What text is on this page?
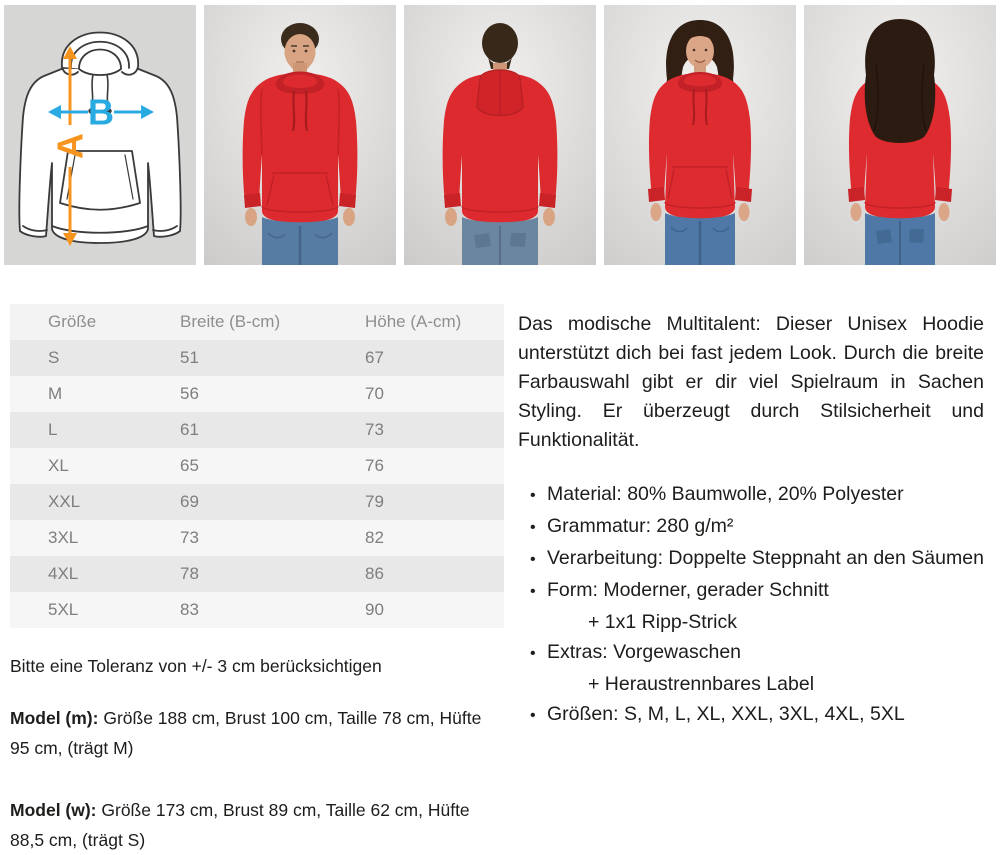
A
B
Größe	Breite (B-cm)	Höhe (A-cm)
S	51	67
M	56	70
L	61	73
XL	65	76
XXL	69	79
3XL	73	82
4XL	78	86
5XL	83	90

Bitte eine Toleranz von +/- 3 cm berücksichtigen

Model (m): Größe 188 cm, Brust 100 cm, Taille 78 cm, Hüfte 95 cm, (trägt M)

Model (w): Größe 173 cm, Brust 89 cm, Taille 62 cm, Hüfte 88,5 cm, (trägt S)

Das modische Multitalent: Dieser Unisex Hoodie unterstützt dich bei fast jedem Look. Durch die breite Farbauswahl gibt er dir viel Spielraum in Sachen Styling. Er überzeugt durch Stilsicherheit und Funktionalität.

• Material: 80% Baumwolle, 20% Polyester
• Grammatur: 280 g/m²
• Verarbeitung: Doppelte Steppnaht an den Säumen
• Form: Moderner, gerader Schnitt
+ 1x1 Ripp-Strick
• Extras: Vorgewaschen
+ Heraustrennbares Label
• Größen: S, M, L, XL, XXL, 3XL, 4XL, 5XL
